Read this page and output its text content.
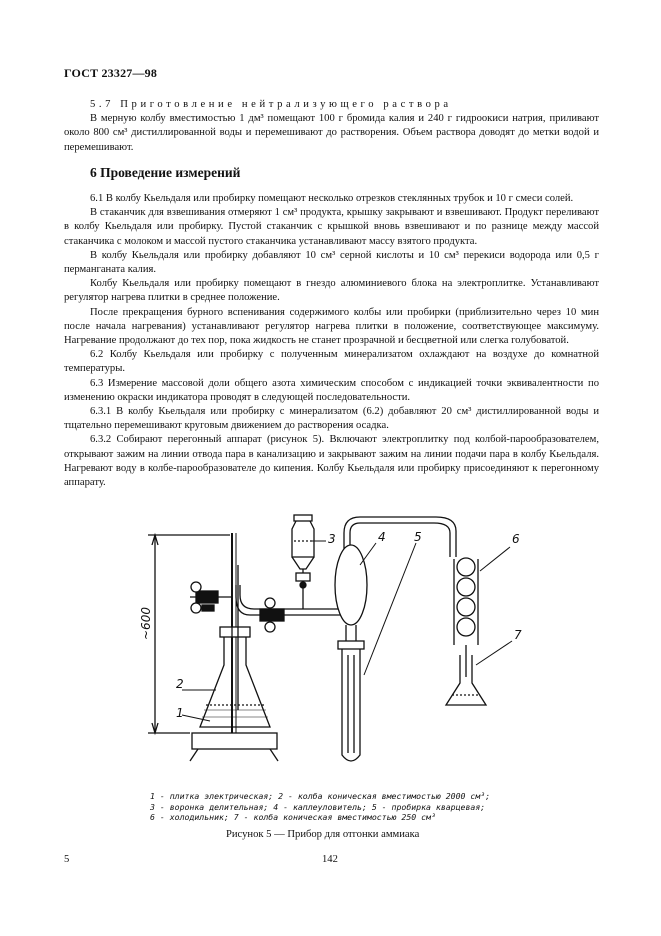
ГОСТ 23327—98

5.7 Приготовление нейтрализующего раствора

В мерную колбу вместимостью 1 дм³ помещают 100 г бромида калия и 240 г гидроокиси натрия, приливают около 800 см³ дистиллированной воды и перемешивают до растворения. Объем раствора доводят до метки водой и перемешивают.

6 Проведение измерений

6.1 В колбу Кьельдаля или пробирку помещают несколько отрезков стеклянных трубок и 10 г смеси солей.

В стаканчик для взвешивания отмеряют 1 см³ продукта, крышку закрывают и взвешивают. Продукт переливают в колбу Кьельдаля или пробирку. Пустой стаканчик с крышкой вновь взвешивают и по разнице между массой стаканчика с молоком и массой пустого стаканчика устанавливают массу взятого продукта.

В колбу Кьельдаля или пробирку добавляют 10 см³ серной кислоты и 10 см³ перекиси водорода или 0,5 г перманганата калия.

Колбу Кьельдаля или пробирку помещают в гнездо алюминиевого блока на электроплитке. Устанавливают регулятор нагрева плитки в среднее положение.

После прекращения бурного вспенивания содержимого колбы или пробирки (приблизительно через 10 мин после начала нагревания) устанавливают регулятор нагрева плитки в положение, соответствующее максимуму. Нагревание продолжают до тех пор, пока жидкость не станет прозрачной и бесцветной или слегка голубоватой.

6.2 Колбу Кьельдаля или пробирку с полученным минерализатом охлаждают на воздухе до комнатной температуры.

6.3 Измерение массовой доли общего азота химическим способом с индикацией точки эквивалентности по изменению окраски индикатора проводят в следующей последовательности.

6.3.1 В колбу Кьельдаля или пробирку с минерализатом (6.2) добавляют 20 см³ дистиллированной воды и тщательно перемешивают круговым движением до растворения осадка.

6.3.2 Собирают перегонный аппарат (рисунок 5). Включают электроплитку под колбой-парообразователем, открывают зажим на линии отвода пара в канализацию и закрывают зажим на линии подачи пара в колбу Кьельдаля. Нагревают воду в колбе-парообразователе до кипения. Колбу Кьельдаля или пробирку присоединяют к перегонному аппарату.

~600
2
1
3	4 5	6
7
1 - плитка электрическая; 2 - колба коническая вместимостью 2000 см³;
3 - воронка делительная; 4 - каплеуловитель; 5 - пробирка кварцевая;
6 - холодильник; 7 - колба коническая вместимостью 250 см³
Рисунок 5 — Прибор для отгонки аммиака
5	142
